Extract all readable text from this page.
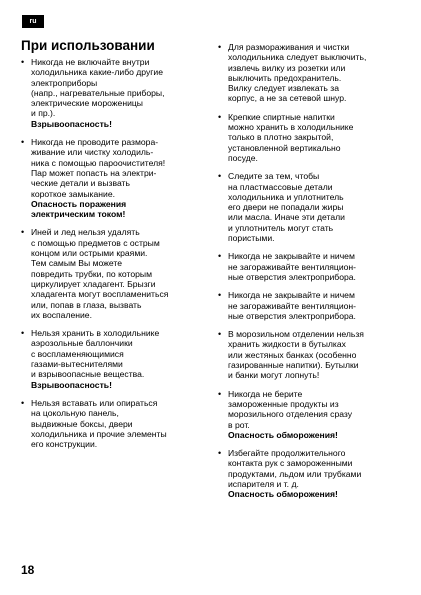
ru
При использовании
• Никогда не включайте внутри
холодильника какие-либо другие
электроприборы
(напр., нагревательные приборы,
электрические мороженицы
и пр.).
Взрывоопасность!
• Никогда не проводите размора-
живание или чистку холодиль-
ника с помощью пароочистителя!
Пар может попасть на электри-
ческие детали и вызвать
короткое замыкание.
Опасность поражения
электрическим током!
• Иней и лед нельзя удалять
с помощью предметов с острым
концом или острыми краями.
Тем самым Вы можете
повредить трубки, по которым
циркулирует хладагент. Брызги
хладагента могут воспламениться
или, попав в глаза, вызвать
их воспаление.
• Нельзя хранить в холодильнике
аэрозольные баллончики
с воспламеняющимися
газами-вытеснителями
и взрывоопасные вещества.
Взрывоопасность!
• Нельзя вставать или опираться
на цокольную панель,
выдвижные боксы, двери
холодильника и прочие элементы
его конструкции.
• Для размораживания и чистки
холодильника следует выключить,
извлечь вилку из розетки или
выключить предохранитель.
Вилку следует извлекать за
корпус, а не за сетевой шнур.
• Крепкие спиртные напитки
можно хранить в холодильнике
только в плотно закрытой,
установленной вертикально
посуде.
• Следите за тем, чтобы
на пластмассовые детали
холодильника и уплотнитель
его двери не попадали жиры
или масла. Иначе эти детали
и уплотнитель могут стать
пористыми.
• Никогда не закрывайте и ничем
не загораживайте вентиляцион-
ные отверстия электроприбора.
• Никогда не закрывайте и ничем
не загораживайте вентиляцион-
ные отверстия электроприбора.
• В морозильном отделении нельзя
хранить жидкости в бутылках
или жестяных банках (особенно
газированные напитки). Бутылки
и банки могут лопнуть!
• Никогда не берите
замороженные продукты из
морозильного отделения сразу
в рот.
Опасность обморожения!
• Избегайте продолжительного
контакта рук с замороженными
продуктами, льдом или трубками
испарителя и т. д.
Опасность обморожения!
18
